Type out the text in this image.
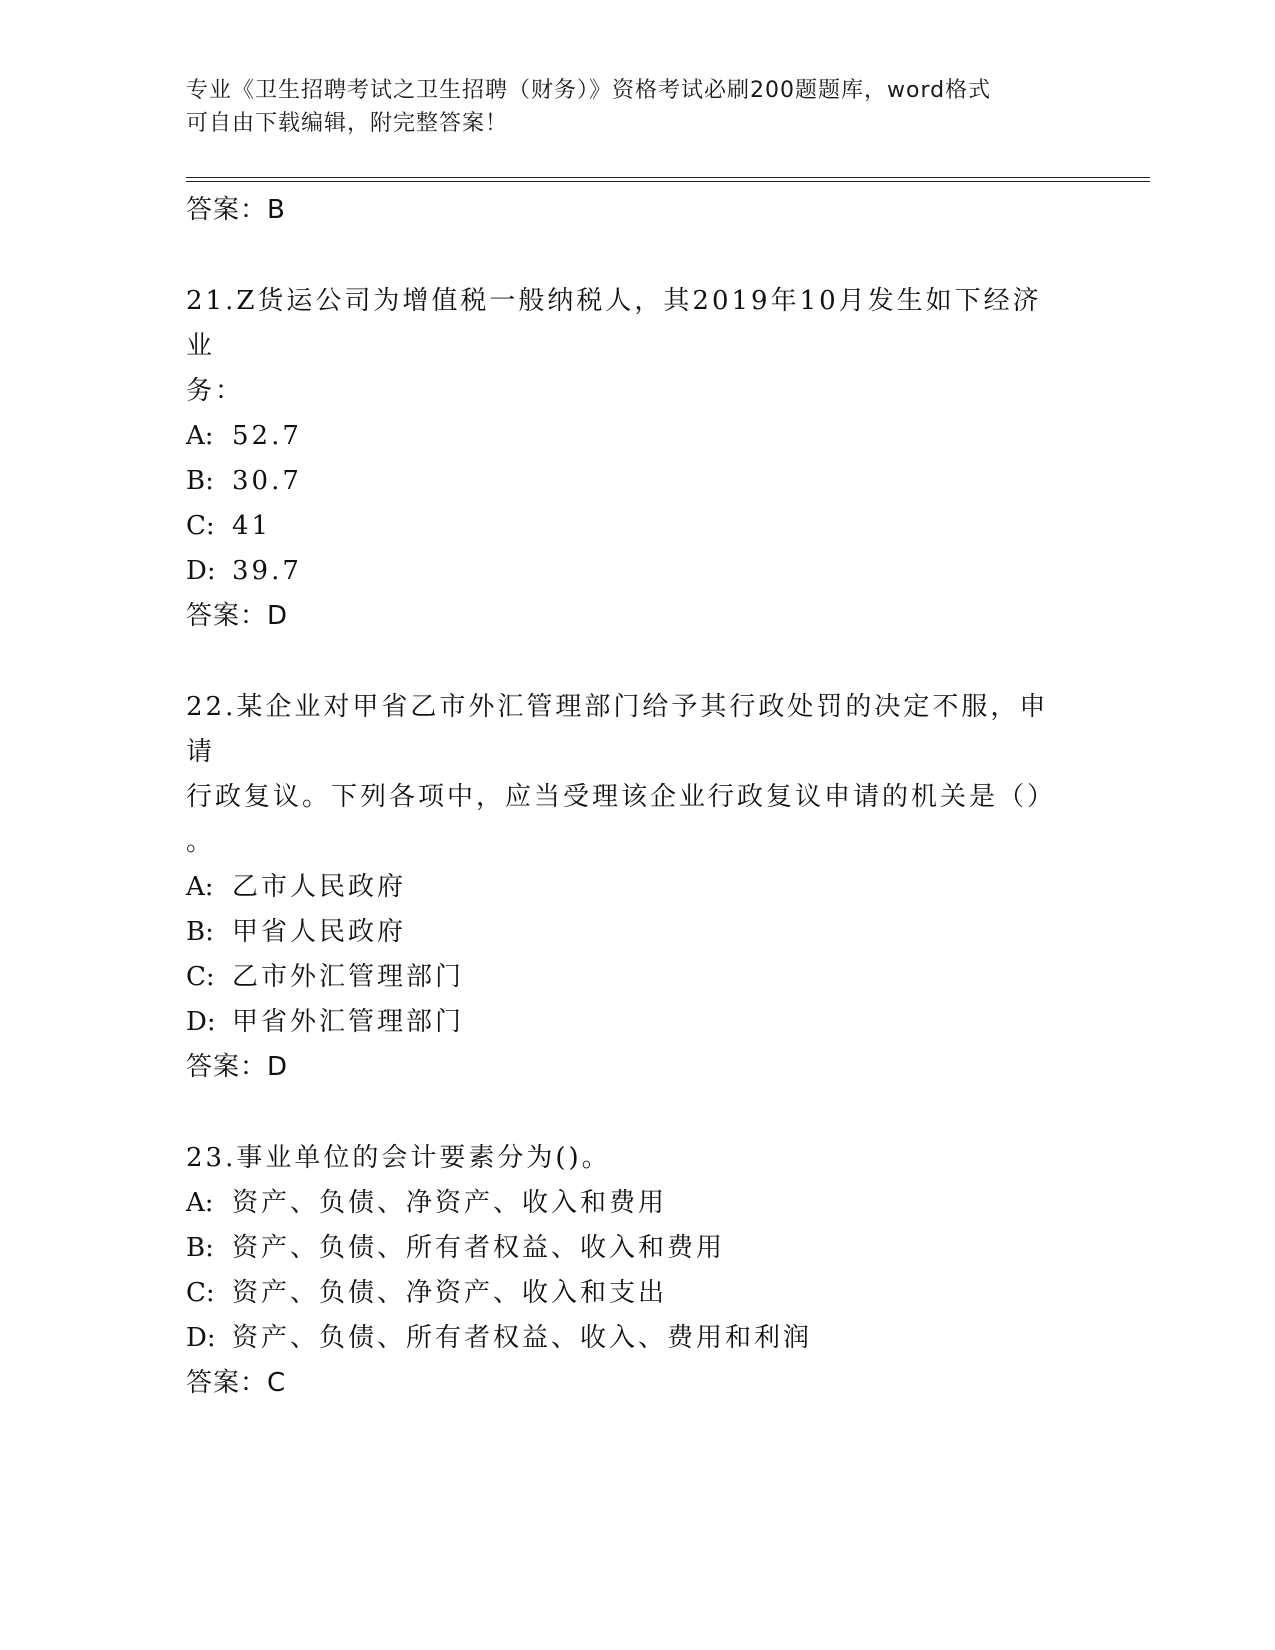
专业《卫生招聘考试之卫生招聘（财务）》资格考试必刷200题题库，word格式
可自由下载编辑，附完整答案！
答案：B
21.Z货运公司为增值税一般纳税人，其2019年10月发生如下经济业
务：
A: 52.7
B: 30.7
C: 41
D: 39.7
答案：D
22.某企业对甲省乙市外汇管理部门给予其行政处罚的决定不服，申请
行政复议。下列各项中，应当受理该企业行政复议申请的机关是（）
。
A: 乙市人民政府
B: 甲省人民政府
C: 乙市外汇管理部门
D: 甲省外汇管理部门
答案：D
23.事业单位的会计要素分为()。
A: 资产、负债、净资产、收入和费用
B: 资产、负债、所有者权益、收入和费用
C: 资产、负债、净资产、收入和支出
D: 资产、负债、所有者权益、收入、费用和利润
答案：C
